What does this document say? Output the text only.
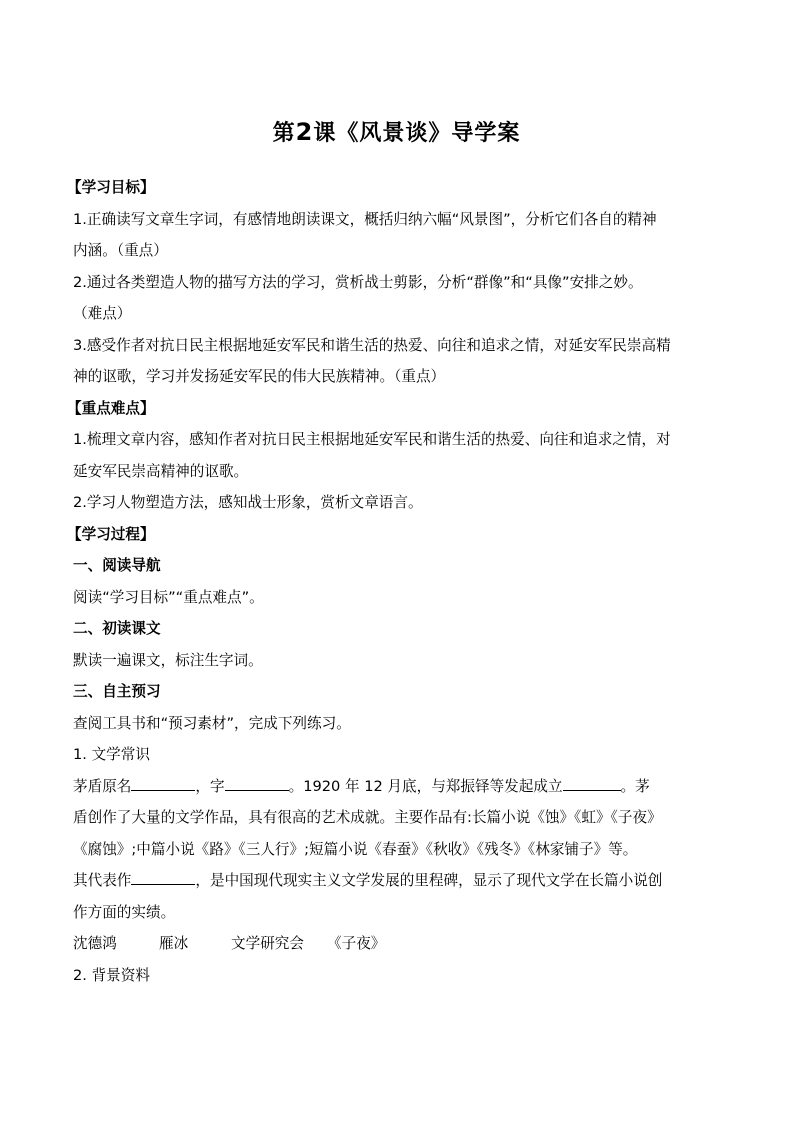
第2课《风景谈》导学案
【学习目标】
1.正确读写文章生字词，有感情地朗读课文，概括归纳六幅“风景图”，分析它们各自的精神
内涵。（重点）
2.通过各类塑造人物的描写方法的学习，赏析战士剪影，分析“群像”和“具像”安排之妙。
（难点）
3.感受作者对抗日民主根据地延安军民和谐生活的热爱、向往和追求之情，对延安军民崇高精
神的讴歌，学习并发扬延安军民的伟大民族精神。（重点）
【重点难点】
1.梳理文章内容，感知作者对抗日民主根据地延安军民和谐生活的热爱、向往和追求之情，对
延安军民崇高精神的讴歌。
2.学习人物塑造方法，感知战士形象，赏析文章语言。
【学习过程】
一、阅读导航
阅读“学习目标”“重点难点”。
二、初读课文
默读一遍课文，标注生字词。
三、自主预习
查阅工具书和“预习素材”，完成下列练习。
1. 文学常识
茅盾原名	，字	。1920 年 12 月底，与郑振铎等发起成立	。茅
盾创作了大量的文学作品，具有很高的艺术成就。主要作品有:长篇小说《蚀》《虹》《子夜》
《腐蚀》;中篇小说《路》《三人行》;短篇小说《春蚕》《秋收》《残冬》《林家铺子》等。
其代表作	，是中国现代现实主义文学发展的里程碑，显示了现代文学在长篇小说创
作方面的实绩。
沈德鸿	雁冰	文学研究会 《子夜》
2. 背景资料
